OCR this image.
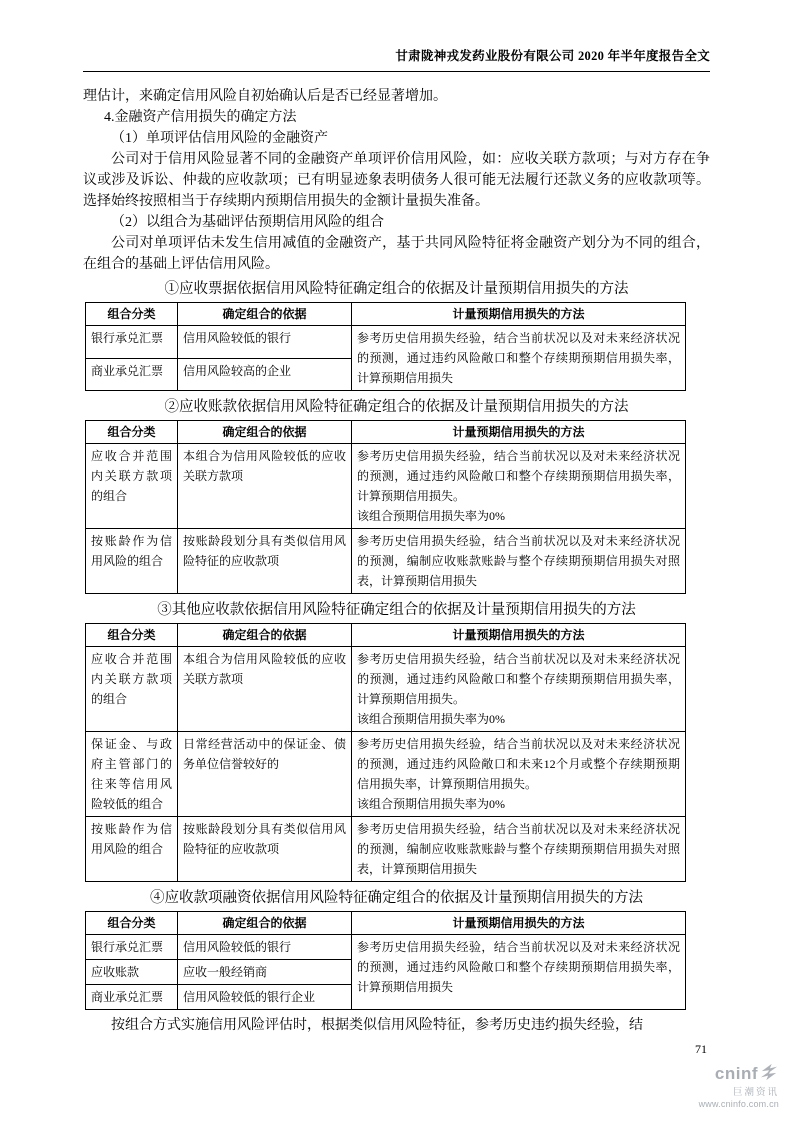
甘肃陇神戎发药业股份有限公司 2020 年半年度报告全文

理估计，来确定信用风险自初始确认后是否已经显著增加。

4.金融资产信用损失的确定方法

（1）单项评估信用风险的金融资产

公司对于信用风险显著不同的金融资产单项评价信用风险，如：应收关联方款项；与对方存在争议或涉及诉讼、仲裁的应收款项；已有明显迹象表明债务人很可能无法履行还款义务的应收款项等。选择始终按照相当于存续期内预期信用损失的金额计量损失准备。

（2）以组合为基础评估预期信用风险的组合

公司对单项评估未发生信用减值的金融资产，基于共同风险特征将金融资产划分为不同的组合，在组合的基础上评估信用风险。

①应收票据依据信用风险特征确定组合的依据及计量预期信用损失的方法

组合分类	确定组合的依据	计量预期信用损失的方法
银行承兑汇票	信用风险较低的银行	参考历史信用损失经验，结合当前状况以及对未来经济状况的预测，通过违约风险敞口和整个存续期预期信用损失率，计算预期信用损失
商业承兑汇票	信用风险较高的企业	

②应收账款依据信用风险特征确定组合的依据及计量预期信用损失的方法

组合分类	确定组合的依据	计量预期信用损失的方法
应收合并范围内关联方款项的组合	本组合为信用风险较低的应收关联方款项	参考历史信用损失经验，结合当前状况以及对未来经济状况的预测，通过违约风险敞口和整个存续期预期信用损失率，计算预期信用损失。
该组合预期信用损失率为0%

按账龄作为信用风险的组合	按账龄段划分具有类似信用风险特征的应收款项	参考历史信用损失经验，结合当前状况以及对未来经济状况的预测，编制应收账款账龄与整个存续期预期信用损失对照表，计算预期信用损失

③其他应收款依据信用风险特征确定组合的依据及计量预期信用损失的方法

组合分类	确定组合的依据	计量预期信用损失的方法
应收合并范围内关联方款项的组合	本组合为信用风险较低的应收关联方款项	参考历史信用损失经验，结合当前状况以及对未来经济状况的预测，通过违约风险敞口和整个存续期预期信用损失率，计算预期信用损失。
该组合预期信用损失率为0%

保证金、与政府主管部门的往来等信用风险较低的组合	日常经营活动中的保证金、债务单位信誉较好的	参考历史信用损失经验，结合当前状况以及对未来经济状况的预测，通过违约风险敞口和未来12个月或整个存续期预期信用损失率，计算预期信用损失。
该组合预期信用损失率为0%

按账龄作为信用风险的组合	按账龄段划分具有类似信用风险特征的应收款项	参考历史信用损失经验，结合当前状况以及对未来经济状况的预测，编制应收账款账龄与整个存续期预期信用损失对照表，计算预期信用损失

④应收款项融资依据信用风险特征确定组合的依据及计量预期信用损失的方法

组合分类	确定组合的依据	计量预期信用损失的方法
银行承兑汇票	信用风险较低的银行	参考历史信用损失经验，结合当前状况以及对未来经济状况的预测，通过违约风险敞口和整个存续期预期信用损失率，计算预期信用损失
应收账款	应收一般经销商	
商业承兑汇票	信用风险较低的银行企业	

按组合方式实施信用风险评估时，根据类似信用风险特征，参考历史违约损失经验，结

71
cninf
巨潮资讯
www.cninfo.com.cn
